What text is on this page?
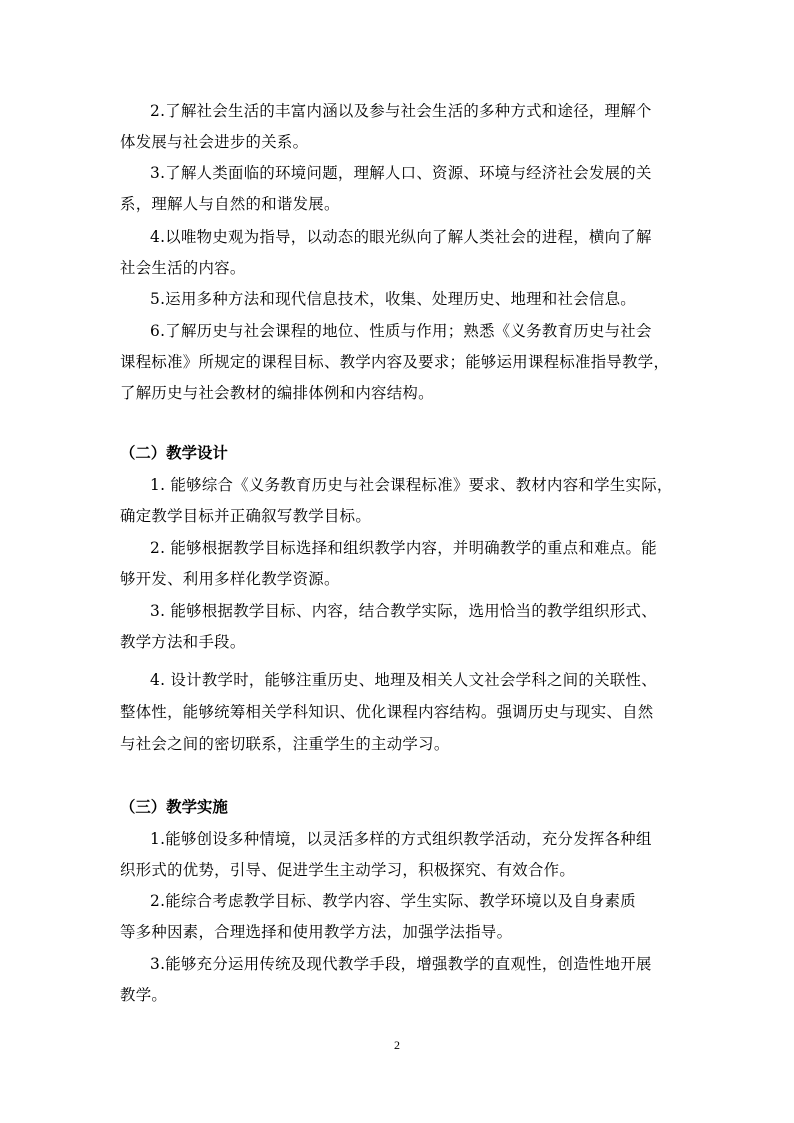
2.了解社会生活的丰富内涵以及参与社会生活的多种方式和途径，理解个
体发展与社会进步的关系。

3.了解人类面临的环境问题，理解人口、资源、环境与经济社会发展的关
系，理解人与自然的和谐发展。

4.以唯物史观为指导，以动态的眼光纵向了解人类社会的进程，横向了解
社会生活的内容。

5.运用多种方法和现代信息技术，收集、处理历史、地理和社会信息。

6.了解历史与社会课程的地位、性质与作用；熟悉《义务教育历史与社会
课程标准》所规定的课程目标、教学内容及要求；能够运用课程标准指导教学，
了解历史与社会教材的编排体例和内容结构。

（二）教学设计

1. 能够综合《义务教育历史与社会课程标准》要求、教材内容和学生实际，
确定教学目标并正确叙写教学目标。

2. 能够根据教学目标选择和组织教学内容，并明确教学的重点和难点。能
够开发、利用多样化教学资源。

3. 能够根据教学目标、内容，结合教学实际，选用恰当的教学组织形式、
教学方法和手段。

4. 设计教学时，能够注重历史、地理及相关人文社会学科之间的关联性、
整体性，能够统筹相关学科知识、优化课程内容结构。强调历史与现实、自然
与社会之间的密切联系，注重学生的主动学习。

（三）教学实施

1.能够创设多种情境，以灵活多样的方式组织教学活动，充分发挥各种组
织形式的优势，引导、促进学生主动学习，积极探究、有效合作。

2.能综合考虑教学目标、教学内容、学生实际、教学环境以及自身素质
等多种因素，合理选择和使用教学方法，加强学法指导。

3.能够充分运用传统及现代教学手段，增强教学的直观性，创造性地开展
教学。

2
